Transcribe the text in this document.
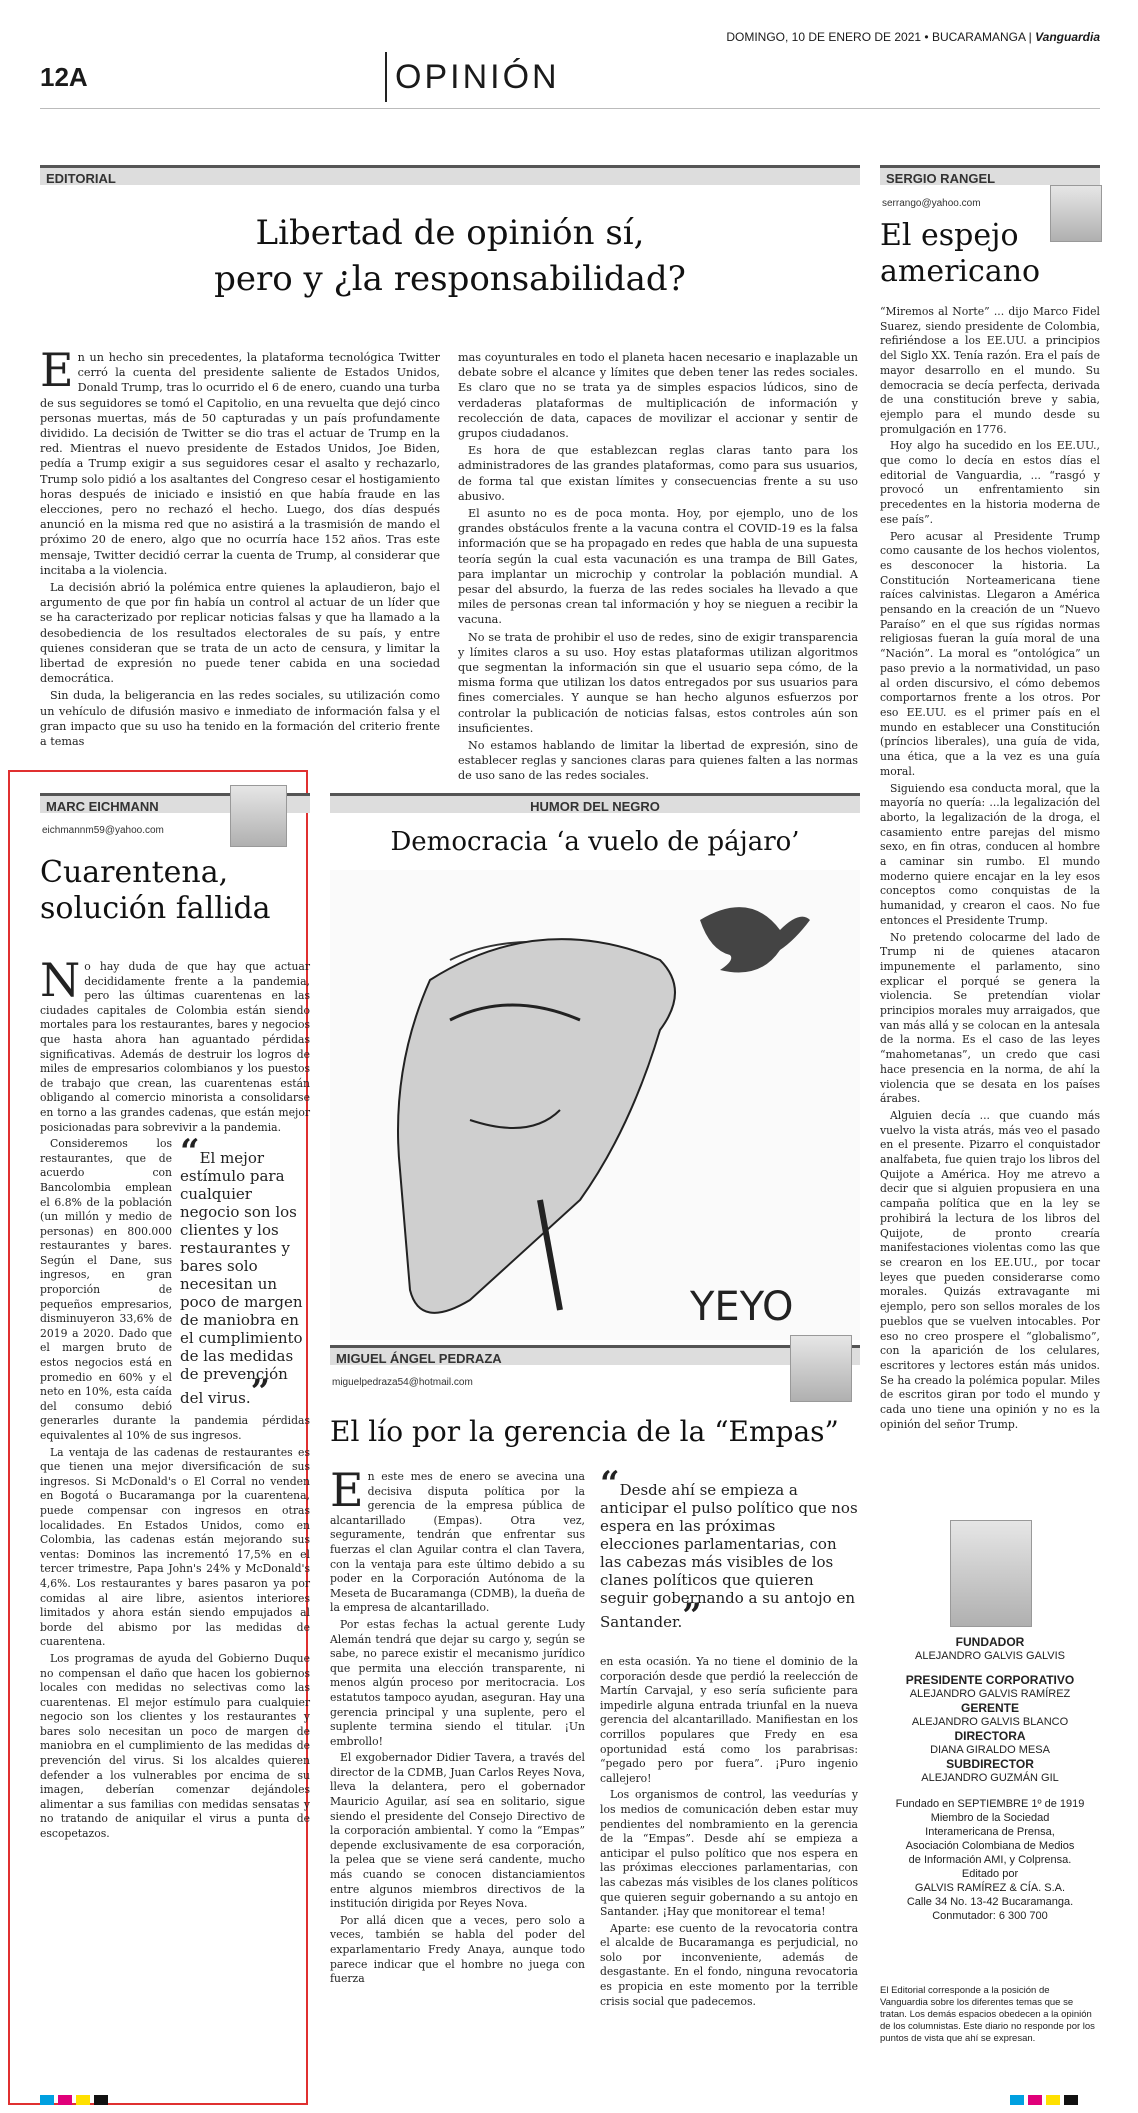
DOMINGO, 10 DE ENERO DE 2021 • BUCARAMANGA | Vanguardia
12A	OPINIÓN
EDITORIAL
Libertad de opinión sí,
pero y ¿la responsabilidad?
E n un hecho sin precedentes, la plataforma tecnológica Twitter cerró la cuenta del presidente saliente de Estados Unidos, Donald Trump, tras lo ocurrido el 6 de enero, cuando una turba de sus seguidores se tomó el Capitolio, en una revuelta que dejó cinco personas muertas, más de 50 capturadas y un país profundamente dividido. La decisión de Twitter se dio tras el actuar de Trump en la red. Mientras el nuevo presidente de Estados Unidos, Joe Biden, pedía a Trump exigir a sus seguidores cesar el asalto y rechazarlo, Trump solo pidió a los asaltantes del Congreso cesar el hostigamiento horas después de iniciado e insistió en que había fraude en las elecciones, pero no rechazó el hecho. Luego, dos días después anunció en la misma red que no asistirá a la trasmisión de mando el próximo 20 de enero, algo que no ocurría hace 152 años. Tras este mensaje, Twitter decidió cerrar la cuenta de Trump, al considerar que incitaba a la violencia.

La decisión abrió la polémica entre quienes la aplaudieron, bajo el argumento de que por fin había un control al actuar de un líder que se ha caracterizado por replicar noticias falsas y que ha llamado a la desobediencia de los resultados electorales de su país, y entre quienes consideran que se trata de un acto de censura, y limitar la libertad de expresión no puede tener cabida en una sociedad democrática.

Sin duda, la beligerancia en las redes sociales, su utilización como un vehículo de difusión masivo e inmediato de información falsa y el gran impacto que su uso ha tenido en la formación del criterio frente a temas

mas coyunturales en todo el planeta hacen necesario e inaplazable un debate sobre el alcance y límites que deben tener las redes sociales. Es claro que no se trata ya de simples espacios lúdicos, sino de verdaderas plataformas de multiplicación de información y recolección de data, capaces de movilizar el accionar y sentir de grupos ciudadanos.

Es hora de que establezcan reglas claras tanto para los administradores de las grandes plataformas, como para sus usuarios, de forma tal que existan límites y consecuencias frente a su uso abusivo.

El asunto no es de poca monta. Hoy, por ejemplo, uno de los grandes obstáculos frente a la vacuna contra el COVID-19 es la falsa información que se ha propagado en redes que habla de una supuesta teoría según la cual esta vacunación es una trampa de Bill Gates, para implantar un microchip y controlar la población mundial. A pesar del absurdo, la fuerza de las redes sociales ha llevado a que miles de personas crean tal información y hoy se nieguen a recibir la vacuna.

No se trata de prohibir el uso de redes, sino de exigir transparencia y límites claros a su uso. Hoy estas plataformas utilizan algoritmos que segmentan la información sin que el usuario sepa cómo, de la misma forma que utilizan los datos entregados por sus usuarios para fines comerciales. Y aunque se han hecho algunos esfuerzos por controlar la publicación de noticias falsas, estos controles aún son insuficientes.

No estamos hablando de limitar la libertad de expresión, sino de establecer reglas y sanciones claras para quienes falten a las normas de uso sano de las redes sociales.

SERGIO RANGEL
serrango@yahoo.com
El espejo
americano

“Miremos al Norte” ... dijo Marco Fidel Suarez, siendo presidente de Colombia, refiriéndose a los EE.UU. a principios del Siglo XX. Tenía razón. Era el país de mayor desarrollo en el mundo. Su democracia se decía perfecta, derivada de una constitución breve y sabia, ejemplo para el mundo desde su promulgación en 1776.

Hoy algo ha sucedido en los EE.UU., que como lo decía en estos días el editorial de Vanguardia, ... “rasgó y provocó un enfrentamiento sin precedentes en la historia moderna de ese país”.

Pero acusar al Presidente Trump como causante de los hechos violentos, es desconocer la historia. La Constitución Norteamericana tiene raíces calvinistas. Llegaron a América pensando en la creación de un “Nuevo Paraíso” en el que sus rígidas normas religiosas fueran la guía moral de una “Nación”. La moral es “ontológica” un paso previo a la normatividad, un paso al orden discursivo, el cómo debemos comportarnos frente a los otros. Por eso EE.UU. es el primer país en el mundo en establecer una Constitución (príncios liberales), una guía de vida, una ética, que a la vez es una guía moral.

Siguiendo esa conducta moral, que la mayoría no quería: ...la legalización del aborto, la legalización de la droga, el casamiento entre parejas del mismo sexo, en fin otras, conducen al hombre a caminar sin rumbo. El mundo moderno quiere encajar en la ley esos conceptos como conquistas de la humanidad, y crearon el caos. No fue entonces el Presidente Trump.

No pretendo colocarme del lado de Trump ni de quienes atacaron impunemente el parlamento, sino explicar el porqué se genera la violencia. Se pretendían violar principios morales muy arraigados, que van más allá y se colocan en la antesala de la norma. Es el caso de las leyes “mahometanas”, un credo que casi hace presencia en la norma, de ahí la violencia que se desata en los países árabes.

Alguien decía ... que cuando más vuelvo la vista atrás, más veo el pasado en el presente. Pizarro el conquistador analfabeta, fue quien trajo los libros del Quijote a América. Hoy me atrevo a decir que si alguien propusiera en una campaña política que en la ley se prohibirá la lectura de los libros del Quijote, de pronto crearía manifestaciones violentas como las que se crearon en los EE.UU., por tocar leyes que pueden considerarse como morales. Quizás extravagante mi ejemplo, pero son sellos morales de los pueblos que se vuelven intocables. Por eso no creo prospere el “globalismo”, con la aparición de los celulares, escritores y lectores están más unidos. Se ha creado la polémica popular. Miles de escritos giran por todo el mundo y cada uno tiene una opinión y no es la opinión del señor Trump.

MARC EICHMANN
eichmannm59@yahoo.com
Cuarentena,
solución fallida
N o hay duda de que hay que actuar decididamente frente a la pandemia, pero las últimas cuarentenas en las ciudades capitales de Colombia están siendo mortales para los restaurantes, bares y negocios que hasta ahora han aguantado pérdidas significativas. Además de destruir los logros de miles de empresarios colombianos y los puestos de trabajo que crean, las cuarentenas están obligando al comercio minorista a consolidarse en torno a las grandes cadenas, que están mejor posicionadas para sobrevivir a la pandemia.

“El mejor estímulo para cualquier negocio son los clientes y los restaurantes y bares solo necesitan un poco de margen de maniobra en el cumplimiento de las medidas de prevención del virus.”

Consideremos los restaurantes, que de acuerdo con Bancolombia emplean el 6.8% de la población (un millón y medio de personas) en 800.000 restaurantes y bares. Según el Dane, sus ingresos, en gran proporción de pequeños empresarios, disminuyeron 33,6% de 2019 a 2020. Dado que el margen bruto de estos negocios está en promedio en 60% y el neto en 10%, esta caída del consumo debió generarles durante la pandemia pérdidas equivalentes al 10% de sus ingresos.

La ventaja de las cadenas de restaurantes es que tienen una mejor diversificación de sus ingresos. Si McDonald's o El Corral no venden en Bogotá o Bucaramanga por la cuarentena, puede compensar con ingresos en otras localidades. En Estados Unidos, como en Colombia, las cadenas están mejorando sus ventas: Dominos las incrementó 17,5% en el tercer trimestre, Papa John's 24% y McDonald's 4,6%. Los restaurantes y bares pasaron ya por comidas al aire libre, asientos interiores limitados y ahora están siendo empujados al borde del abismo por las medidas de cuarentena.

Los programas de ayuda del Gobierno Duque no compensan el daño que hacen los gobiernos locales con medidas no selectivas como las cuarentenas. El mejor estímulo para cualquier negocio son los clientes y los restaurantes y bares solo necesitan un poco de margen de maniobra en el cumplimiento de las medidas de prevención del virus. Si los alcaldes quieren defender a los vulnerables por encima de su imagen, deberían comenzar dejándoles alimentar a sus familias con medidas sensatas y no tratando de aniquilar el virus a punta de escopetazos.

HUMOR DEL NEGRO
Democracia ‘a vuelo de pájaro’
YEYO
MIGUEL ÁNGEL PEDRAZA
miguelpedraza54@hotmail.com
El lío por la gerencia de la “Empas”
E n este mes de enero se avecina una decisiva disputa política por la gerencia de la empresa pública de alcantarillado (Empas). Otra vez, seguramente, tendrán que enfrentar sus fuerzas el clan Aguilar contra el clan Tavera, con la ventaja para este último debido a su poder en la Corporación Autónoma de la Meseta de Bucaramanga (CDMB), la dueña de la empresa de alcantarillado.

Por estas fechas la actual gerente Ludy Alemán tendrá que dejar su cargo y, según se sabe, no parece existir el mecanismo jurídico que permita una elección transparente, ni menos algún proceso por meritocracia. Los estatutos tampoco ayudan, aseguran. Hay una gerencia principal y una suplente, pero el suplente termina siendo el titular. ¡Un embrollo!

El exgobernador Didier Tavera, a través del director de la CDMB, Juan Carlos Reyes Nova, lleva la delantera, pero el gobernador Mauricio Aguilar, así sea en solitario, sigue siendo el presidente del Consejo Directivo de la corporación ambiental. Y como la “Empas” depende exclusivamente de esa corporación, la pelea que se viene será candente, mucho más cuando se conocen distanciamientos entre algunos miembros directivos de la institución dirigida por Reyes Nova.

Por allá dicen que a veces, pero solo a veces, también se habla del poder del exparlamentario Fredy Anaya, aunque todo parece indicar que el hombre no juega con fuerza

“Desde ahí se empieza a anticipar el pulso político que nos espera en las próximas elecciones parlamentarias, con las cabezas más visibles de los clanes políticos que quieren seguir gobernando a su antojo en Santander.”

en esta ocasión. Ya no tiene el dominio de la corporación desde que perdió la reelección de Martín Carvajal, y eso sería suficiente para impedirle alguna entrada triunfal en la nueva gerencia del alcantarillado. Manifiestan en los corrillos populares que Fredy en esa oportunidad está como los parabrisas: “pegado pero por fuera”. ¡Puro ingenio callejero!

Los organismos de control, las veedurías y los medios de comunicación deben estar muy pendientes del nombramiento en la gerencia de la “Empas”. Desde ahí se empieza a anticipar el pulso político que nos espera en las próximas elecciones parlamentarias, con las cabezas más visibles de los clanes políticos que quieren seguir gobernando a su antojo en Santander. ¡Hay que monitorear el tema!

Aparte: ese cuento de la revocatoria contra el alcalde de Bucaramanga es perjudicial, no solo por inconveniente, además de desgastante. En el fondo, ninguna revocatoria es propicia en este momento por la terrible crisis social que padecemos.

FUNDADOR
ALEJANDRO GALVIS GALVIS
PRESIDENTE CORPORATIVO
ALEJANDRO GALVIS RAMÍREZ
GERENTE
ALEJANDRO GALVIS BLANCO
DIRECTORA
DIANA GIRALDO MESA
SUBDIRECTOR
ALEJANDRO GUZMÁN GIL
Fundado en SEPTIEMBRE 1º de 1919
Miembro de la Sociedad
Interamericana de Prensa,
Asociación Colombiana de Medios
de Información AMI, y Colprensa.
Editado por
GALVIS RAMÍREZ & CÍA. S.A.
Calle 34 No. 13-42 Bucaramanga.
Conmutador: 6 300 700
El Editorial corresponde a la posición de Vanguardia sobre los diferentes temas que se tratan. Los demás espacios obedecen a la opinión de los columnistas. Este diario no responde por los puntos de vista que ahí se expresan.
